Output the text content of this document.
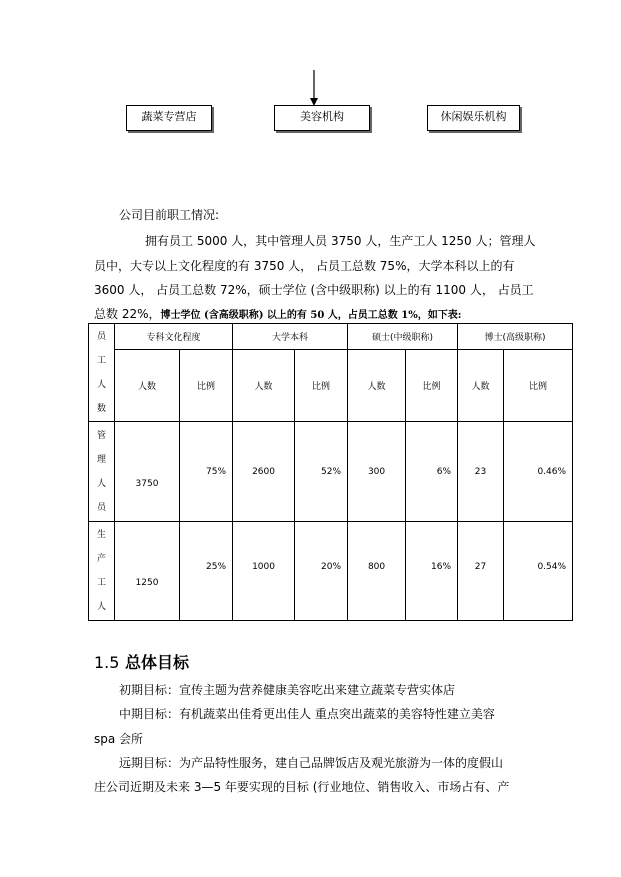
蔬菜专营店	美容机构	休闲娱乐机构
公司目前职工情况:
拥有员工 5000 人，其中管理人员 3750 人，生产工人 1250 人；管理人
员中，大专以上文化程度的有 3750 人， 占员工总数 75%，大学本科以上的有
3600 人， 占员工总数 72%，硕士学位 (含中级职称) 以上的有 1100 人， 占员工
总数 22%，博士学位 (含高级职称) 以上的有 50 人，占员工总数 1%，如下表:
员
工
人
数	专科文化程度		大学本科		硕士(中级职称)		博士(高级职称)	
	人数	比例	人数	比例	人数	比例	人数	比例

管
理
人
员	3750	75%	2600	52%	300	6%	23	0.46%

生
产
工
人	1250	25%	1000	20%	800	16%	27	0.54%
1.5 总体目标
初期目标：宣传主题为营养健康美容吃出来建立蔬菜专营实体店
中期目标：有机蔬菜出佳肴更出佳人 重点突出蔬菜的美容特性建立美容
spa 会所
远期目标：为产品特性服务，建自己品牌饭店及观光旅游为一体的度假山
庄公司近期及未来 3—5 年要实现的目标 (行业地位、销售收入、市场占有、产
